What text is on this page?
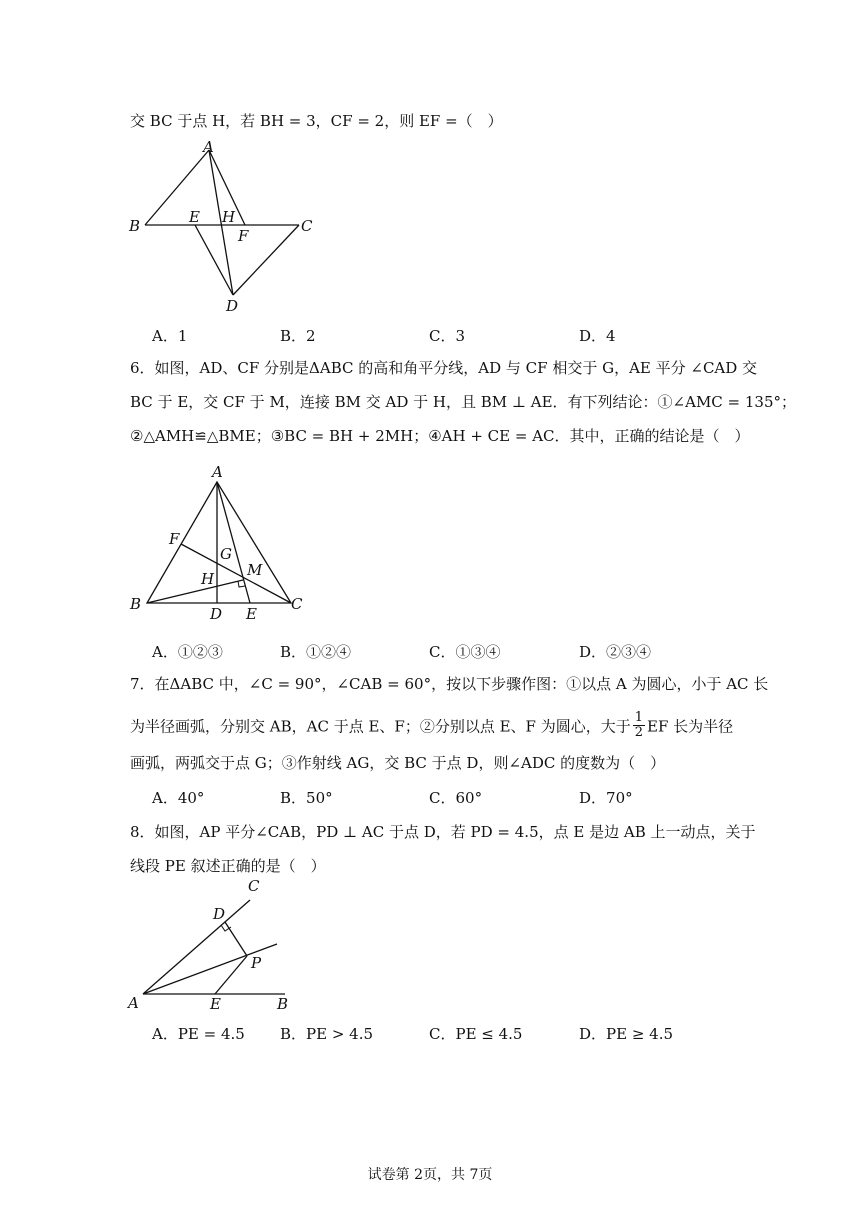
交 BC 于点 H，若 BH = 3，CF = 2，则 EF =（　）
A
B	E H
F
C
D
A．1	B．2	C．3	D．4
6．如图，AD、CF 分别是ΔABC 的高和角平分线，AD 与 CF 相交于 G，AE 平分 ∠CAD 交
BC 于 E，交 CF 于 M，连接 BM 交 AD 于 H，且 BM ⊥ AE．有下列结论：①∠AMC = 135°；
②△AMH≌△BME；③BC = BH + 2MH；④AH + CE = AC．其中，正确的结论是（　）
A
F
G
M
H
B
D E
C
A．①②③	B．①②④	C．①③④	D．②③④
7．在ΔABC 中，∠C = 90°，∠CAB = 60°，按以下步骤作图：①以点 A 为圆心，小于 AC 长
为半径画弧，分别交 AB，AC 于点 E、F；②分别以点 E、F 为圆心，大于 $\frac{1}{2}$ EF 长为半径
画弧，两弧交于点 G；③作射线 AG，交 BC 于点 D，则∠ADC 的度数为（　）
A．40°	B．50°	C．60°	D．70°
8．如图，AP 平分∠CAB，PD ⊥ AC 于点 D，若 PD = 4.5，点 E 是边 AB 上一动点，关于
线段 PE 叙述正确的是（　）
C
D
P
A	E	B
A．PE = 4.5 B．PE > 4.5	C．PE ≤ 4.5	D．PE ≥ 4.5
试卷第 2页，共 7页
